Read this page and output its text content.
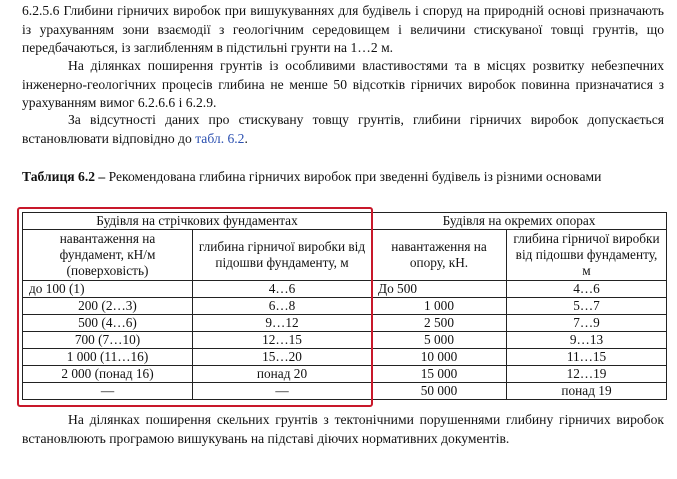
6.2.5.6 Глибини гірничих виробок при вишукуваннях для будівель і споруд на природній основі призначають із урахуванням зони взаємодії з геологічним середовищем і величини стискуваної товщі грунтів, що передбачаються, із заглибленням в підстильні грунти на 1…2 м.

На ділянках поширення грунтів із особливими властивостями та в місцях розвитку небезпечних інженерно-геологічних процесів глибина не менше 50 відсотків гірничих виробок повинна призначатися з урахуванням вимог 6.2.6.6 і 6.2.9.

За відсутності даних про стискувану товщу грунтів, глибини гірничих виробок допускається встановлювати відповідно до табл. 6.2.

Таблиця 6.2 – Рекомендована глибина гірничих виробок при зведенні будівель із різними основами

Будівля на стрічкових фундаментах		Будівля на окремих опорах	
навантаження на фундамент, кН/м (поверховість)	глибина гірничої виробки від підошви фундаменту, м	навантаження на опору, кН.	глибина гірничої виробки від підошви фундаменту, м
до 100 (1)	4…6	До 500	4…6
200 (2…3)	6…8	1 000	5…7
500 (4…6)	9…12	2 500	7…9
700 (7…10)	12…15	5 000	9…13
1 000 (11…16)	15…20	10 000	11…15
2 000 (понад 16)	понад 20	15 000	12…19
—	—	50 000	понад 19

На ділянках поширення скельних грунтів з тектонічними порушеннями глибину гірничих виробок встановлюють програмою вишукувань на підставі діючих нормативних документів.
